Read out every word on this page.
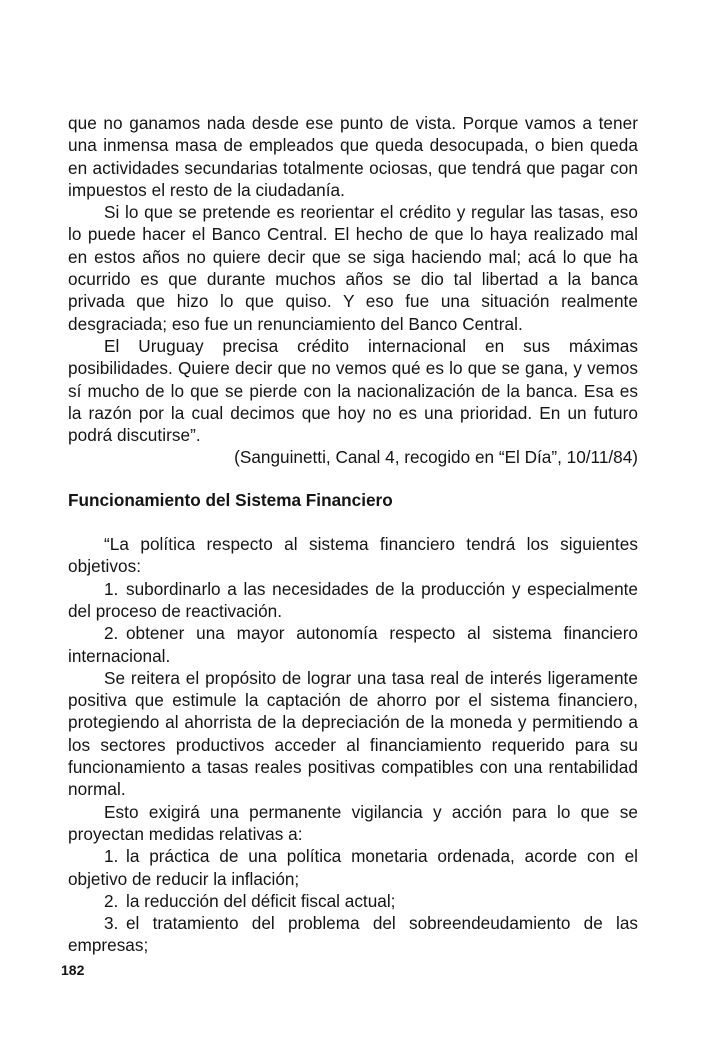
que no ganamos nada desde ese punto de vista. Porque vamos a tener una inmensa masa de empleados que queda desocupada, o bien queda en actividades secundarias totalmente ociosas, que tendrá que pagar con impuestos el resto de la ciudadanía.

Si lo que se pretende es reorientar el crédito y regular las tasas, eso lo puede hacer el Banco Central. El hecho de que lo haya realizado mal en estos años no quiere decir que se siga haciendo mal; acá lo que ha ocurrido es que durante muchos años se dio tal libertad a la banca privada que hizo lo que quiso. Y eso fue una situación realmente desgraciada; eso fue un renunciamiento del Banco Central.

El Uruguay precisa crédito internacional en sus máximas posibilidades. Quiere decir que no vemos qué es lo que se gana, y vemos sí mucho de lo que se pierde con la nacionalización de la banca. Esa es la razón por la cual decimos que hoy no es una prioridad. En un futuro podrá discutirse”.

(Sanguinetti, Canal 4, recogido en “El Día”, 10/11/84)

Funcionamiento del Sistema Financiero

“La política respecto al sistema financiero tendrá los siguientes objetivos:

1. subordinarlo a las necesidades de la producción y especialmente del proceso de reactivación.

2. obtener una mayor autonomía respecto al sistema financiero internacional.

Se reitera el propósito de lograr una tasa real de interés ligeramente positiva que estimule la captación de ahorro por el sistema financiero, protegiendo al ahorrista de la depreciación de la moneda y permitiendo a los sectores productivos acceder al financiamiento requerido para su funcionamiento a tasas reales positivas compatibles con una rentabilidad normal.

Esto exigirá una permanente vigilancia y acción para lo que se proyectan medidas relativas a:

1. la práctica de una política monetaria ordenada, acorde con el objetivo de reducir la inflación;

2. la reducción del déficit fiscal actual;

3. el tratamiento del problema del sobreendeudamiento de las empresas;

182
